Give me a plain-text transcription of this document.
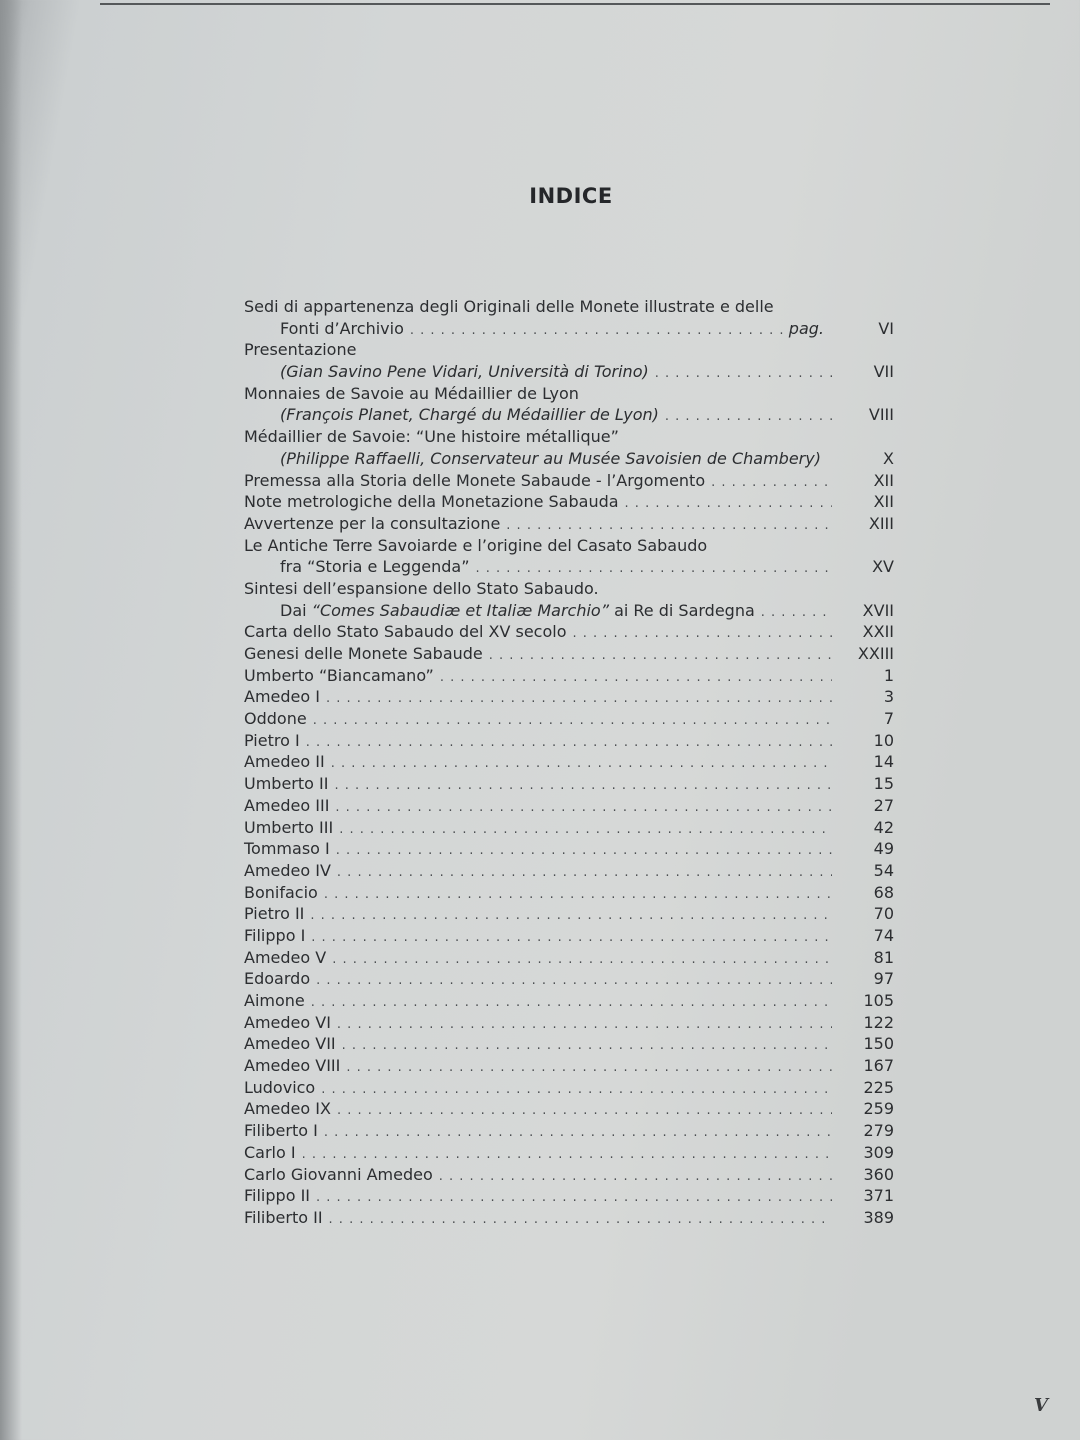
INDICE
Sedi di appartenenza degli Originali delle Monete illustrate e delle
Fonti d’Archivio . . .	pag.	VI
Presentazione
(Gian Savino Pene Vidari, Università di Torino) . . .	VII
Monnaies de Savoie au Médaillier de Lyon
(François Planet, Chargé du Médaillier de Lyon) . . .	VIII
Médaillier de Savoie: “Une histoire métallique”
(Philippe Raffaelli, Conservateur au Musée Savoisien de Chambery)	X
Premessa alla Storia delle Monete Sabaude - l’Argomento . . .	XII
Note metrologiche della Monetazione Sabauda . . .	XII
Avvertenze per la consultazione . . .	XIII
Le Antiche Terre Savoiarde e l’origine del Casato Sabaudo
fra “Storia e Leggenda” . . .	XV
Sintesi dell’espansione dello Stato Sabaudo.
Dai “Comes Sabaudiæ et Italiæ Marchio” ai Re di Sardegna . . .	XVII
Carta dello Stato Sabaudo del XV secolo . . .	XXII
Genesi delle Monete Sabaude . . .	XXIII
Umberto “Biancamano” . . .	1
Amedeo I . . .	3
Oddone . . .	7
Pietro I . . .	10
Amedeo II . . .	14
Umberto II . . .	15
Amedeo III . . .	27
Umberto III . . .	42
Tommaso I . . .	49
Amedeo IV . . .	54
Bonifacio . . .	68
Pietro II . . .	70
Filippo I . . .	74
Amedeo V . . .	81
Edoardo . . .	97
Aimone . . .	105
Amedeo VI . . .	122
Amedeo VII . . .	150
Amedeo VIII . . .	167
Ludovico . . .	225
Amedeo IX . . .	259
Filiberto I . . .	279
Carlo I . . .	309
Carlo Giovanni Amedeo . . .	360
Filippo II . . .	371
Filiberto II . . .	389
V
